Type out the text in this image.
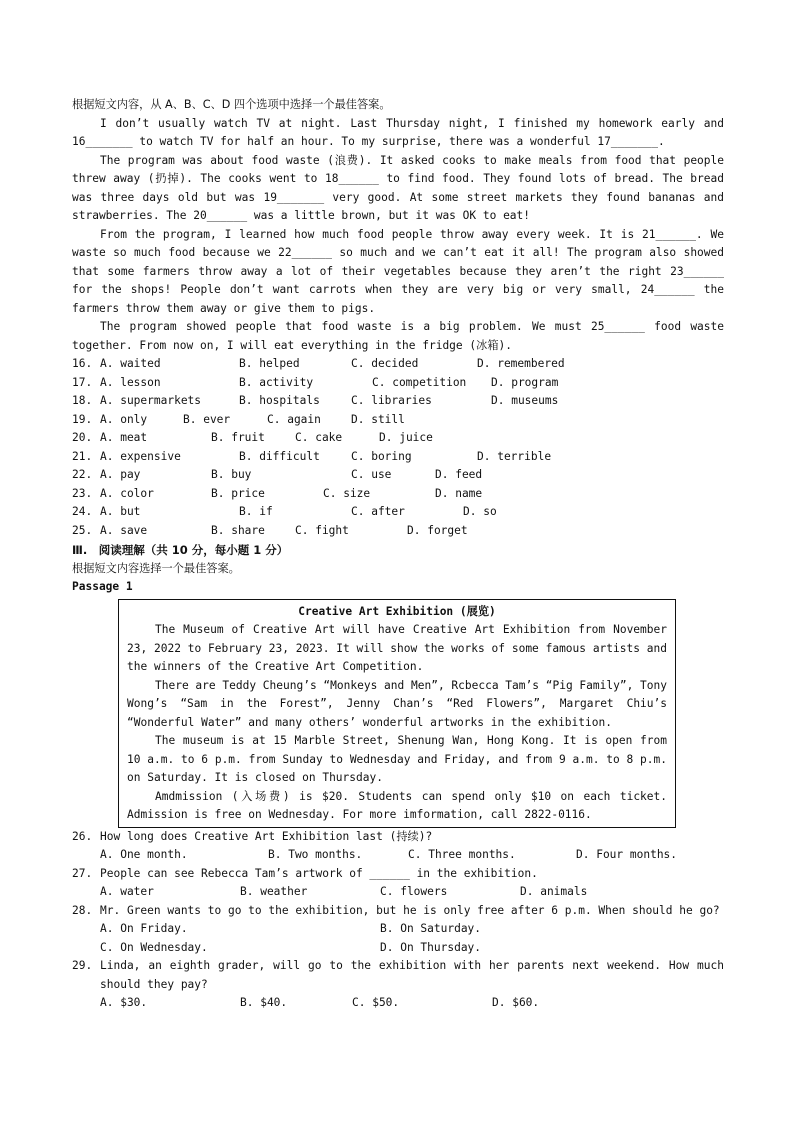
根据短文内容，从 A、B、C、D 四个选项中选择一个最佳答案。

I don’t usually watch TV at night. Last Thursday night, I finished my homework early and 16_______ to watch TV for half an hour. To my surprise, there was a wonderful 17_______.

The program was about food waste (浪费). It asked cooks to make meals from food that people threw away (扔掉). The cooks went to 18______ to find food. They found lots of bread. The bread was three days old but was 19_______ very good. At some street markets they found bananas and strawberries. The 20______ was a little brown, but it was OK to eat!

From the program, I learned how much food people throw away every week. It is 21______. We waste so much food because we 22______ so much and we can’t eat it all! The program also showed that some farmers throw away a lot of their vegetables because they aren’t the right 23______ for the shops! People don’t want carrots when they are very big or very small, 24______ the farmers throw them away or give them to pigs.

The program showed people that food waste is a big problem. We must 25______ food waste together. From now on, I will eat everything in the fridge (冰箱).

16. A. waited	B. helped	C. decided	D. remembered
17. A. lesson	B. activity	C. competition D. program
18. A. supermarkets	B. hospitals	C. libraries	D. museums
19. A. only	B. ever	C. again	D. still
20. A. meat	B. fruit	C. cake	D. juice
21. A. expensive	B. difficult	C. boring	D. terrible
22. A. pay	B. buy	C. use	D. feed
23. A. color	B. price	C. size	D. name
24. A. but	B. if	C. after	D. so
25. A. save	B. share	C. fight	D. forget
Ⅲ.　阅读理解（共 10 分，每小题 1 分）

根据短文内容选择一个最佳答案。

Passage 1

Creative Art Exhibition (展览)

The Museum of Creative Art will have Creative Art Exhibition from November 23, 2022 to February 23, 2023. It will show the works of some famous artists and the winners of the Creative Art Competition.

There are Teddy Cheung’s “Monkeys and Men”, Rcbecca Tam’s “Pig Family”, Tony Wong’s “Sam in the Forest”, Jenny Chan’s “Red Flowers”, Margaret Chiu’s “Wonderful Water” and many others’ wonderful artworks in the exhibition.

The museum is at 15 Marble Street, Shenung Wan, Hong Kong. It is open from 10 a.m. to 6 p.m. from Sunday to Wednesday and Friday, and from 9 a.m. to 8 p.m. on Saturday. It is closed on Thursday.

Amdmission (入场费) is $20. Students can spend only $10 on each ticket. Admission is free on Wednesday. For more imformation, call 2822-0116.

26. How long does Creative Art Exhibition last (持续)?
A. One month.	B. Two months.	C. Three months.	D. Four months.
27. People can see Rebecca Tam’s artwork of ______ in the exhibition.
A. water	B. weather	C. flowers	D. animals
28. Mr. Green wants to go to the exhibition, but he is only free after 6 p.m. When should he go?
A. On Friday.	B. On Saturday.
C. On Wednesday.	D. On Thursday.
29. Linda, an eighth grader, will go to the exhibition with her parents next weekend. How much should they pay?
A. $30.	B. $40.	C. $50.	D. $60.
